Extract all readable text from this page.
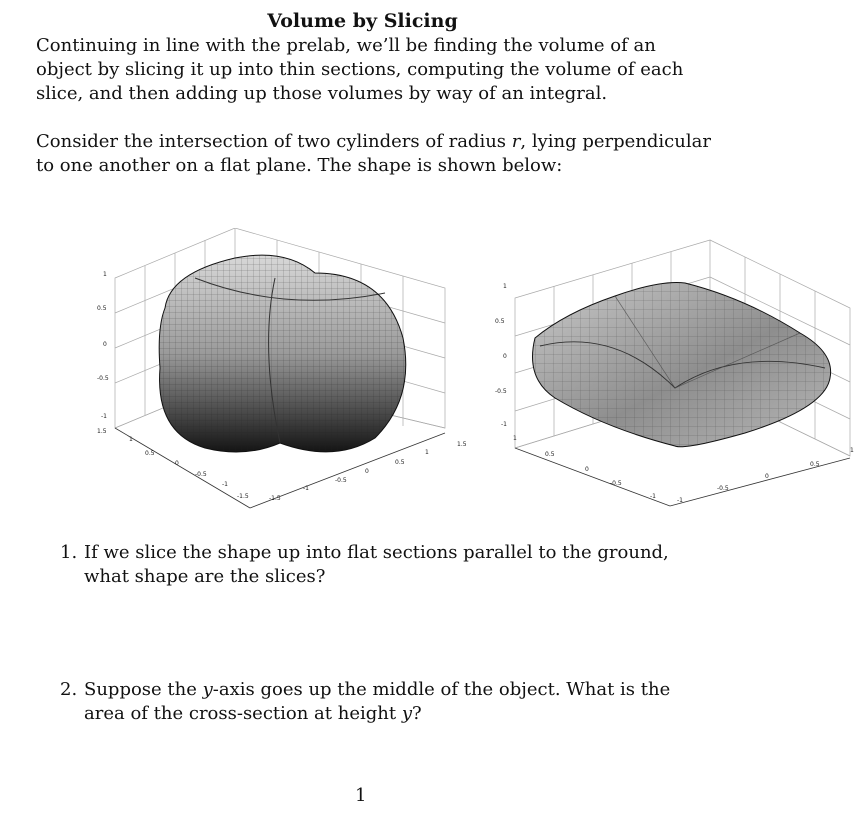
Volume by Slicing
Continuing in line with the prelab, we’ll be finding the volume of an object by slicing it up into thin sections, computing the volume of each slice, and then adding up those volumes by way of an integral.
Consider the intersection of two cylinders of radius r, lying perpendicular to one another on a flat plane. The shape is shown below:
1
0.5
0
-0.5
-1
1.5
1
0.5
0
-0.5
-1
-1.5	-1.5
-1
-0.5
0
0.5
1
1.5
1
0.5
0
-0.5
-1
1
0.5
0
-0.5
-1
-1
-0.5
0
0.5
1
1. If we slice the shape up into flat sections parallel to the ground, what shape are the slices?
2. Suppose the y-axis goes up the middle of the object. What is the area of the cross-section at height y?
1
